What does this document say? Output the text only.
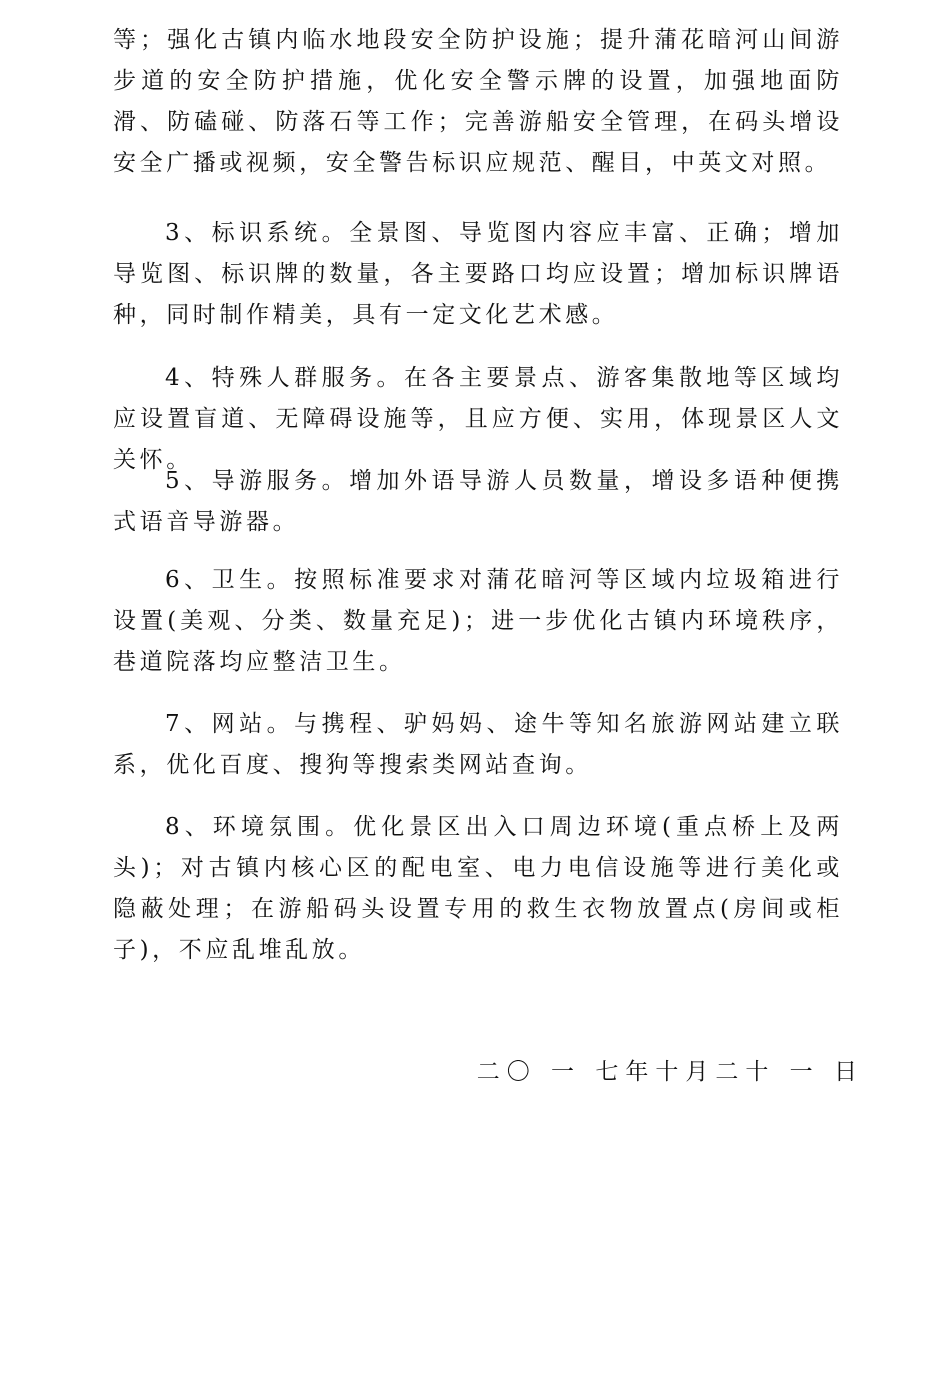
等；强化古镇内临水地段安全防护设施；提升蒲花暗河山间游步道的安全防护措施，优化安全警示牌的设置，加强地面防滑、防磕碰、防落石等工作；完善游船安全管理，在码头增设安全广播或视频，安全警告标识应规范、醒目，中英文对照。

3、标识系统。全景图、导览图内容应丰富、正确；增加导览图、标识牌的数量，各主要路口均应设置；增加标识牌语种，同时制作精美，具有一定文化艺术感。

4、特殊人群服务。在各主要景点、游客集散地等区域均应设置盲道、无障碍设施等，且应方便、实用，体现景区人文关怀。

5、导游服务。增加外语导游人员数量，增设多语种便携式语音导游器。

6、卫生。按照标准要求对蒲花暗河等区域内垃圾箱进行设置(美观、分类、数量充足)；进一步优化古镇内环境秩序，巷道院落均应整洁卫生。

7、网站。与携程、驴妈妈、途牛等知名旅游网站建立联系，优化百度、搜狗等搜索类网站查询。

8、环境氛围。优化景区出入口周边环境(重点桥上及两头)；对古镇内核心区的配电室、电力电信设施等进行美化或隐蔽处理；在游船码头设置专用的救生衣物放置点(房间或柜子)，不应乱堆乱放。

二〇 一 七年十月二十 一 日
